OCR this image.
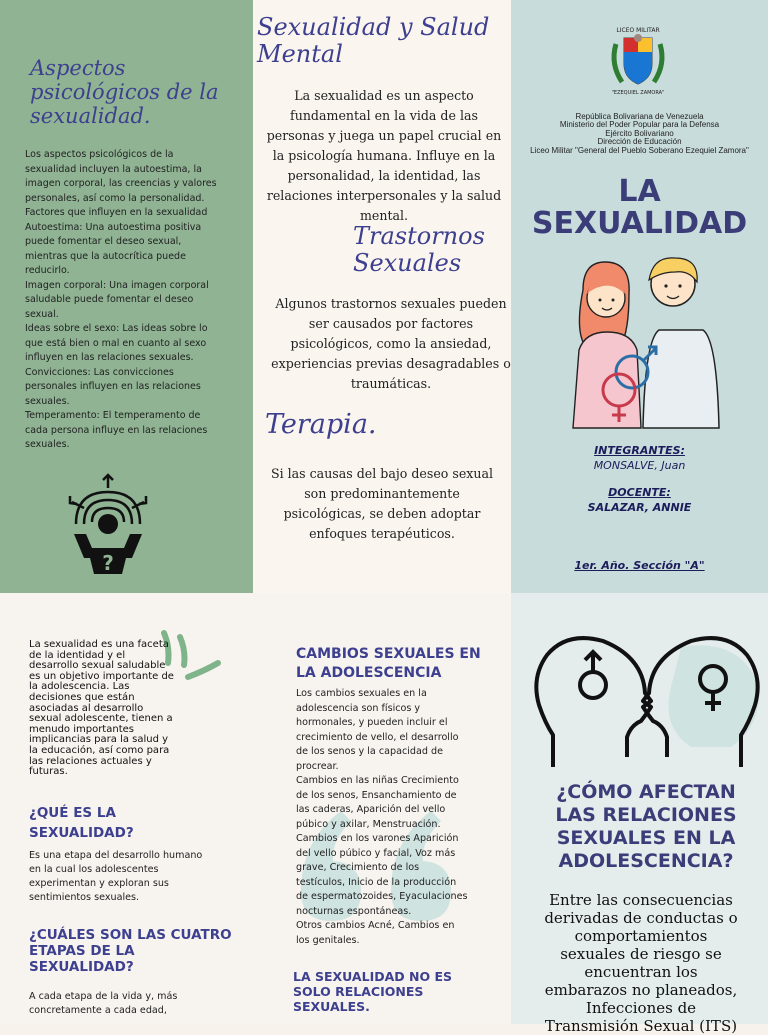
Aspectos psicológicos de la sexualidad.
Los aspectos psicológicos de la sexualidad incluyen la autoestima, la imagen corporal, las creencias y valores personales, así como la personalidad.
Factores que influyen en la sexualidad
Autoestima: Una autoestima positiva puede fomentar el deseo sexual, mientras que la autocrítica puede reducirlo.
Imagen corporal: Una imagen corporal saludable puede fomentar el deseo sexual.
Ideas sobre el sexo: Las ideas sobre lo que está bien o mal en cuanto al sexo influyen en las relaciones sexuales.
Convicciones: Las convicciones personales influyen en las relaciones sexuales.
Temperamento: El temperamento de cada persona influye en las relaciones sexuales.
?
Sexualidad y Salud Mental
La sexualidad es un aspecto fundamental en la vida de las personas y juega un papel crucial en la psicología humana. Influye en la personalidad, la identidad, las relaciones interpersonales y la salud mental.
Trastornos Sexuales
Algunos trastornos sexuales pueden ser causados por factores psicológicos, como la ansiedad, experiencias previas desagradables o traumáticas.
Terapia.
Si las causas del bajo deseo sexual son predominantemente psicológicas, se deben adoptar enfoques terapéuticos.
LICEO MILITAR
"EZEQUIEL ZAMORA"
República Bolivariana de Venezuela
Ministerio del Poder Popular para la Defensa
Ejército Bolivariano
Dirección de Educación
Liceo Militar "General del Pueblo Soberano Ezequiel Zamora"
LA
SEXUALIDAD
INTEGRANTES:
MONSALVE, Juan
DOCENTE:
SALAZAR, ANNIE
1er. Año. Sección "A"
La sexualidad es una faceta de la identidad y el desarrollo sexual saludable es un objetivo importante de la adolescencia. Las decisiones que están asociadas al desarrollo sexual adolescente, tienen a menudo importantes implicancias para la salud y la educación, así como para las relaciones actuales y futuras.
¿QUÉ ES LA SEXUALIDAD?
Es una etapa del desarrollo humano en la cual los adolescentes experimentan y exploran sus sentimientos sexuales.
¿CUÁLES SON LAS CUATRO ETAPAS DE LA SEXUALIDAD?
A cada etapa de la vida y, más concretamente a cada edad,
CAMBIOS SEXUALES EN LA ADOLESCENCIA
Los cambios sexuales en la adolescencia son físicos y hormonales, y pueden incluir el crecimiento de vello, el desarrollo de los senos y la capacidad de procrear.
Cambios en las niñas Crecimiento de los senos, Ensanchamiento de las caderas, Aparición del vello púbico y axilar, Menstruación.
Cambios en los varones Aparición del vello púbico y facial, Voz más grave, Crecimiento de los testículos, Inicio de la producción de espermatozoides, Eyaculaciones nocturnas espontáneas.
Otros cambios Acné, Cambios en los genitales.
LA SEXUALIDAD NO ES SOLO RELACIONES SEXUALES.
¿CÓMO AFECTAN LAS RELACIONES SEXUALES EN LA ADOLESCENCIA?
Entre las consecuencias derivadas de conductas o comportamientos sexuales de riesgo se encuentran los embarazos no planeados, Infecciones de Transmisión Sexual (ITS)
